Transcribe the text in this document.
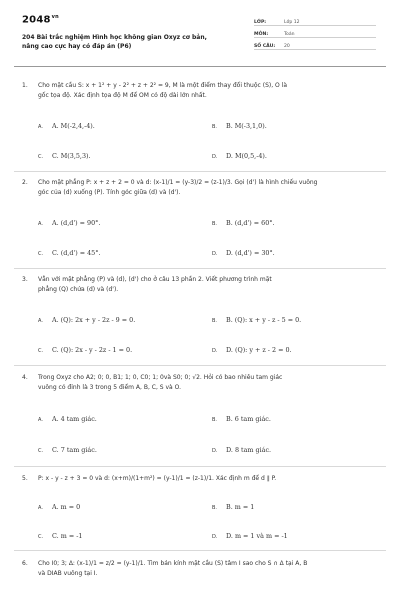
$2048^{vn}$
204 Bài trắc nghiệm Hình học không gian Oxyz cơ bản,
nâng cao cực hay có đáp án (P6)
LỚP:	Lớp 12
MÔN:	Toán
SỐ CÂU:	20
1. Cho mặt cầu S: x + 1² + y - 2² + z + 2² = 9, M là một điểm thay đổi thuộc (S), O là
gốc tọa độ. Xác định tọa độ M để OM có độ dài lớn nhất.
A. A. M(-2,4,-4).	B. B. M(-3,1,0).
C. C. M(3,5,3).	D. D. M(0,5,-4).
2. Cho mặt phẳng P: x + z + 2 = 0 và d: (x-1)/1 = (y-3)/2 = (z-1)/3. Gọi (d') là hình chiếu vuông
góc của (d) xuống (P). Tính góc giữa (d) và (d').
A. A. (d,d') = 90°.	B. B. (d,d') = 60°.
C. C. (d,d') = 45°.	D. D. (d,d') = 30°.
3. Vẫn với mặt phẳng (P) và (d), (d') cho ở câu 13 phần 2. Viết phương trình mặt
phẳng (Q) chứa (d) và (d').
A. A. (Q): 2x + y - 2z - 9 = 0.	B. B. (Q): x + y - z - 5 = 0.
C. C. (Q): 2x - y - 2z - 1 = 0.	D. D. (Q): y + z - 2 = 0.
4. Trong Oxyz cho A2; 0; 0, B1; 1; 0, C0; 1; 0và S0; 0; √2. Hỏi có bao nhiêu tam giác
vuông có đỉnh là 3 trong 5 điểm A, B, C, S và O.
A. A. 4 tam giác.	B. B. 6 tam giác.
C. C. 7 tam giác.	D. D. 8 tam giác.
5. P: x - y - z + 3 = 0 và d: (x+m)/(1+m²) = (y-1)/1 = (z-1)/1. Xác định m để d ∥ P.
A. A. m = 0	B. B. m = 1
C. C. m = -1	D. D. m = 1 và m = -1
6. Cho I0; 3; Δ: (x-1)/1 = z/2 = (y-1)/1. Tìm bán kính mặt cầu (S) tâm I sao cho S ∩ Δ tại A, B
và DIAB vuông tại I.
